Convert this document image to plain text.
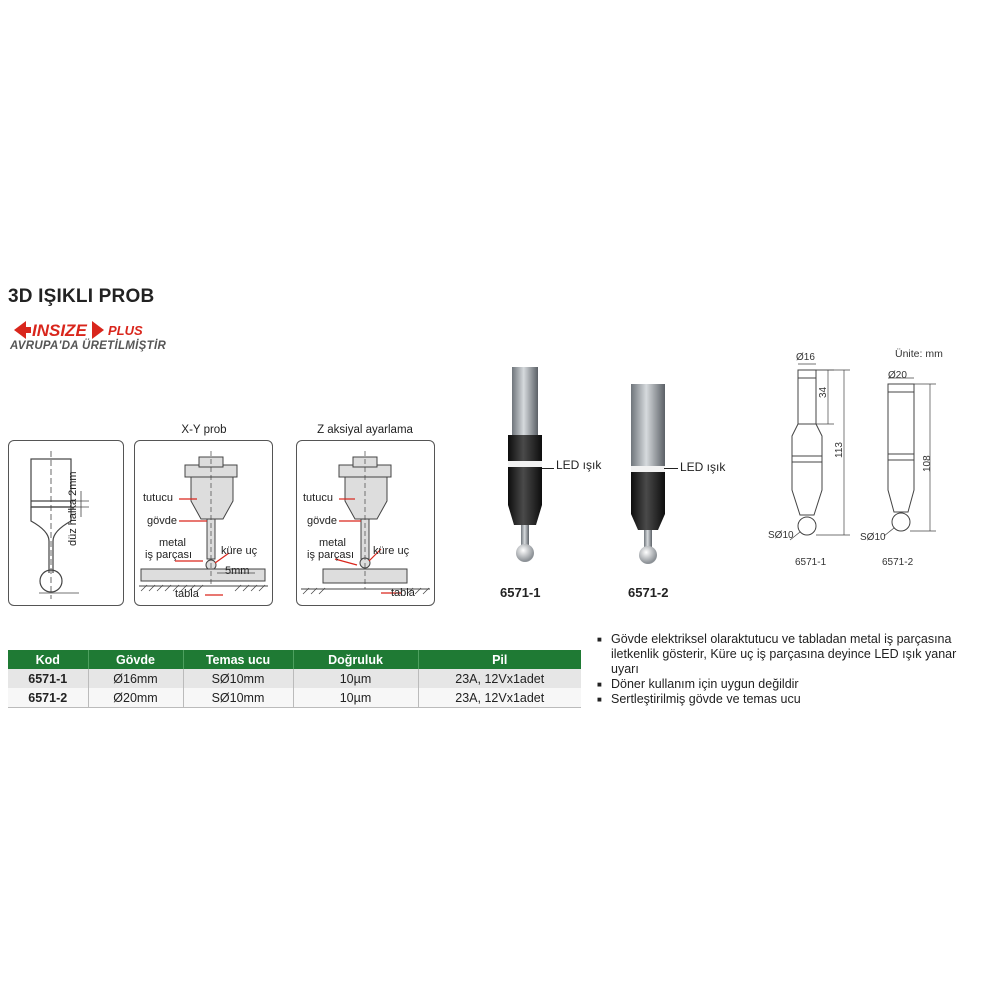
3D IŞIKLI PROB
INSIZE PLUS
AVRUPA'DA ÜRETİLMİŞTİR
düz halka 2mm
X-Y prob
tutucu
gövde
metal
iş parçası	küre uç
5mm
tabla
Z aksiyal ayarlama
tutucu
gövde
metal
iş parçası küre uç
tabla
LED ışık
6571-1
LED ışık
6571-2
Ünite: mm
Ø16
34
113
SØ10
6571-1
Ø20
108
SØ10
6571-2
Kod	Gövde	Temas ucu	Doğruluk	Pil
6571-1	Ø16mm	SØ10mm	10µm	23A, 12Vx1adet
6571-2	Ø20mm	SØ10mm	10µm	23A, 12Vx1adet
■ Gövde elektriksel olaraktutucu ve tabladan metal iş parçasına iletkenlik gösterir, Küre uç iş parçasına deyince LED ışık yanar uyarı
■ Döner kullanım için uygun değildir
■ Sertleştirilmiş gövde ve temas ucu
